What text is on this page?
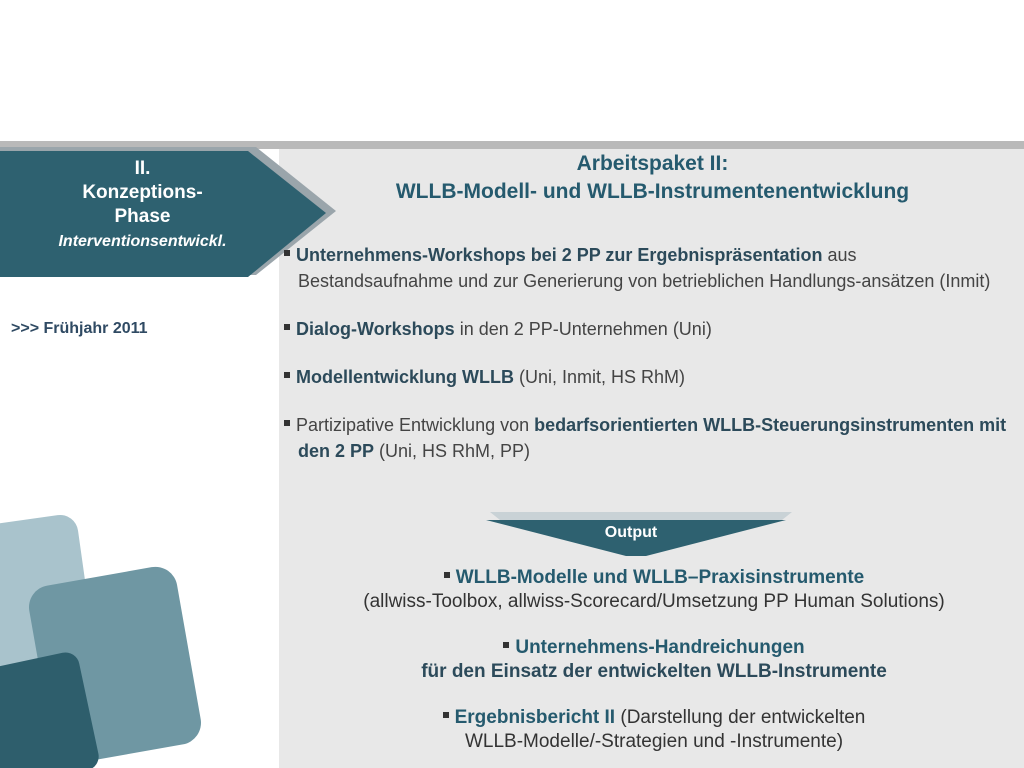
II.
Konzeptions-
Phase
Interventionsentwickl.
>>> Frühjahr 2011
Arbeitspaket II:
WLLB-Modell- und WLLB-Instrumentenentwicklung
Unternehmens-Workshops bei 2 PP zur Ergebnispräsentation aus Bestandsaufnahme und zur Generierung von betrieblichen Handlungs-ansätzen (Inmit)
Dialog-Workshops in den 2 PP-Unternehmen (Uni)
Modellentwicklung WLLB (Uni, Inmit, HS RhM)
Partizipative Entwicklung von bedarfsorientierten WLLB-Steuerungsinstrumenten mit den 2 PP (Uni, HS RhM, PP)
Output
WLLB-Modelle und WLLB–Praxisinstrumente
(allwiss-Toolbox, allwiss-Scorecard/Umsetzung PP Human Solutions)
Unternehmens-Handreichungen
für den Einsatz der entwickelten WLLB-Instrumente
Ergebnisbericht II (Darstellung der entwickelten
WLLB-Modelle/-Strategien und -Instrumente)
